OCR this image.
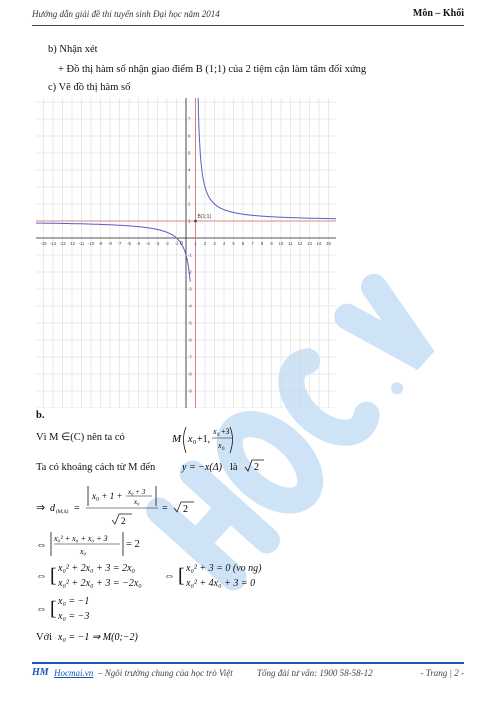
Hướng dẫn giải đề thi tuyển sinh Đại học năm 2014	Môn – Khối
b) Nhận xét
+ Đồ thị hàm số nhận giao điểm B (1;1) của 2 tiệm cận làm tâm đối xứng
c) Vẽ đồ thị hàm số
-15 -14 -13 -12 -11 -10 -9 -8 -7 -6 -5 -4 -3 -2 -1	1 2 3 4 5 6 7 8 9 10 11 12 13 14 15
7
6
5
4
3
2
1
-1
-2
-3
-4
-5
-6
-7
-8
-9
B(1;1)
0
b.
Vì M ∈(C) nên ta có	M x 0 +1,
x 0 +3
x 0
Ta có khoảng cách từ M đến	y = −x(Δ) là 2
⇒ d (M;Δ) =
x₀ + 1 + x₀ + 3
x₀
2
= 2
⇔
x₀² + x₀ + x₀ + 3
x₀
= 2
⇔ [ x₀² + 2x₀ + 3 = 2x₀
x₀² + 2x₀ + 3 = −2x₀
⇔ [ x₀² + 3 = 0 (vo ng)
x₀² + 4x₀ + 3 = 0
⇔ [ x₀ = −1
x₀ = −3
Với x₀ = −1 ⇒ M(0;−2)
HM Hocmai.vn – Ngôi trường chung của học trò Việt	Tổng đài tư vấn: 1900 58-58-12	- Trang | 2 -
